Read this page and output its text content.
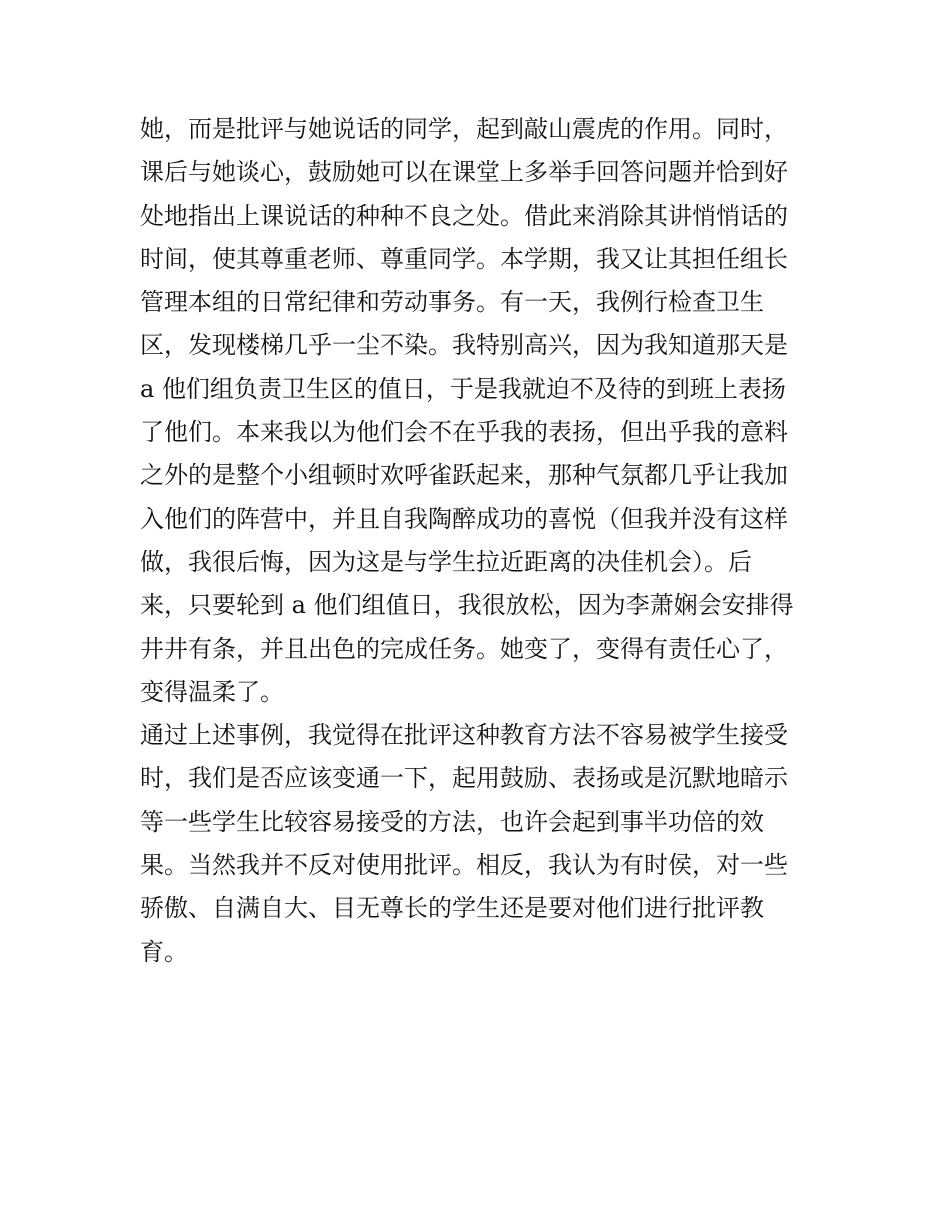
她，而是批评与她说话的同学，起到敲山震虎的作用。同时，
课后与她谈心，鼓励她可以在课堂上多举手回答问题并恰到好
处地指出上课说话的种种不良之处。借此来消除其讲悄悄话的
时间，使其尊重老师、尊重同学。本学期，我又让其担任组长
管理本组的日常纪律和劳动事务。有一天，我例行检查卫生
区，发现楼梯几乎一尘不染。我特别高兴，因为我知道那天是
a 他们组负责卫生区的值日，于是我就迫不及待的到班上表扬
了他们。本来我以为他们会不在乎我的表扬，但出乎我的意料
之外的是整个小组顿时欢呼雀跃起来，那种气氛都几乎让我加
入他们的阵营中，并且自我陶醉成功的喜悦（但我并没有这样
做，我很后悔，因为这是与学生拉近距离的决佳机会）。后
来，只要轮到 a 他们组值日，我很放松，因为李萧娴会安排得
井井有条，并且出色的完成任务。她变了，变得有责任心了，
变得温柔了。
通过上述事例，我觉得在批评这种教育方法不容易被学生接受
时，我们是否应该变通一下，起用鼓励、表扬或是沉默地暗示
等一些学生比较容易接受的方法，也许会起到事半功倍的效
果。当然我并不反对使用批评。相反，我认为有时侯，对一些
骄傲、自满自大、目无尊长的学生还是要对他们进行批评教
育。
